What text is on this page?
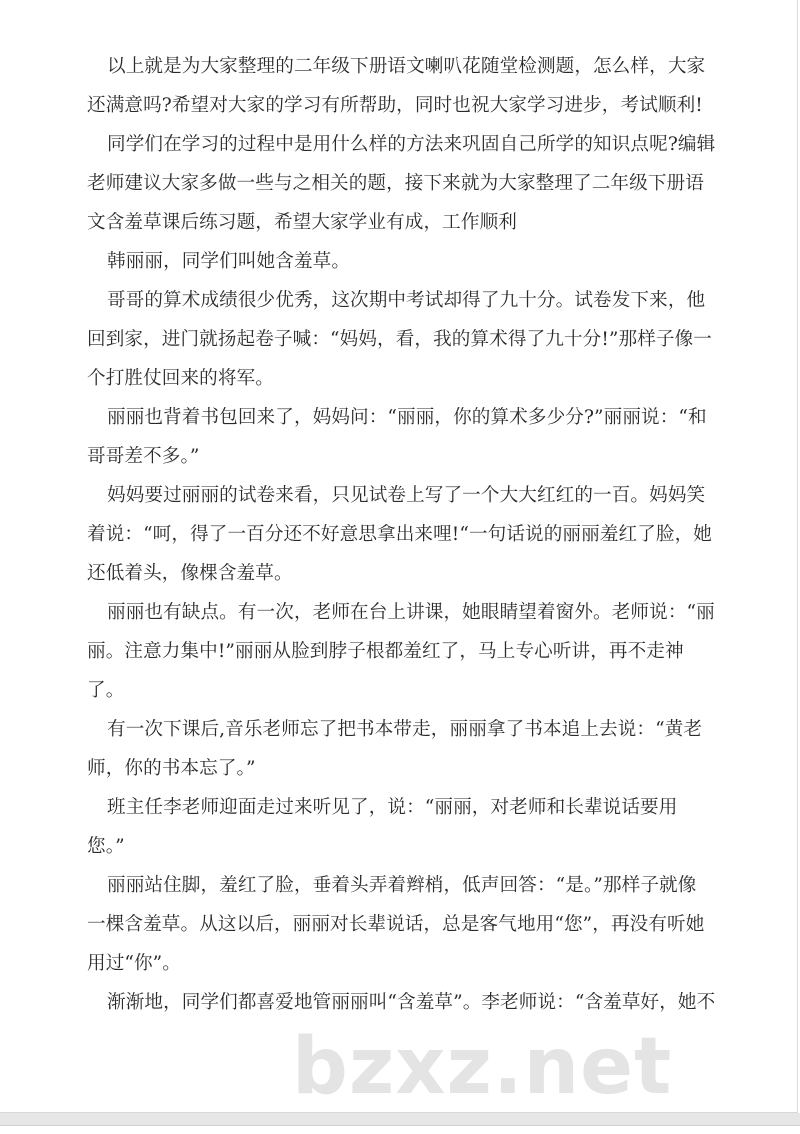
以上就是为大家整理的二年级下册语文喇叭花随堂检测题，怎么样，大家
还满意吗?希望对大家的学习有所帮助，同时也祝大家学习进步，考试顺利!
同学们在学习的过程中是用什么样的方法来巩固自己所学的知识点呢?编辑
老师建议大家多做一些与之相关的题，接下来就为大家整理了二年级下册语
文含羞草课后练习题，希望大家学业有成，工作顺利
韩丽丽，同学们叫她含羞草。
哥哥的算术成绩很少优秀，这次期中考试却得了九十分。试卷发下来，他
回到家，进门就扬起卷子喊：“妈妈，看，我的算术得了九十分!”那样子像一
个打胜仗回来的将军。
丽丽也背着书包回来了，妈妈问：“丽丽，你的算术多少分?”丽丽说：“和
哥哥差不多。”
妈妈要过丽丽的试卷来看，只见试卷上写了一个大大红红的一百。妈妈笑
着说：“呵，得了一百分还不好意思拿出来哩!“一句话说的丽丽羞红了脸，她
还低着头，像棵含羞草。
丽丽也有缺点。有一次，老师在台上讲课，她眼睛望着窗外。老师说：“丽
丽。注意力集中!”丽丽从脸到脖子根都羞红了，马上专心听讲，再不走神
了。
有一次下课后,音乐老师忘了把书本带走，丽丽拿了书本追上去说：“黄老
师，你的书本忘了。”
班主任李老师迎面走过来听见了，说：“丽丽，对老师和长辈说话要用
您。”
丽丽站住脚，羞红了脸，垂着头弄着辫梢，低声回答：“是。”那样子就像
一棵含羞草。从这以后，丽丽对长辈说话，总是客气地用“您”，再没有听她
用过“你”。
渐渐地，同学们都喜爱地管丽丽叫“含羞草”。李老师说：“含羞草好，她不
bzxz.net
